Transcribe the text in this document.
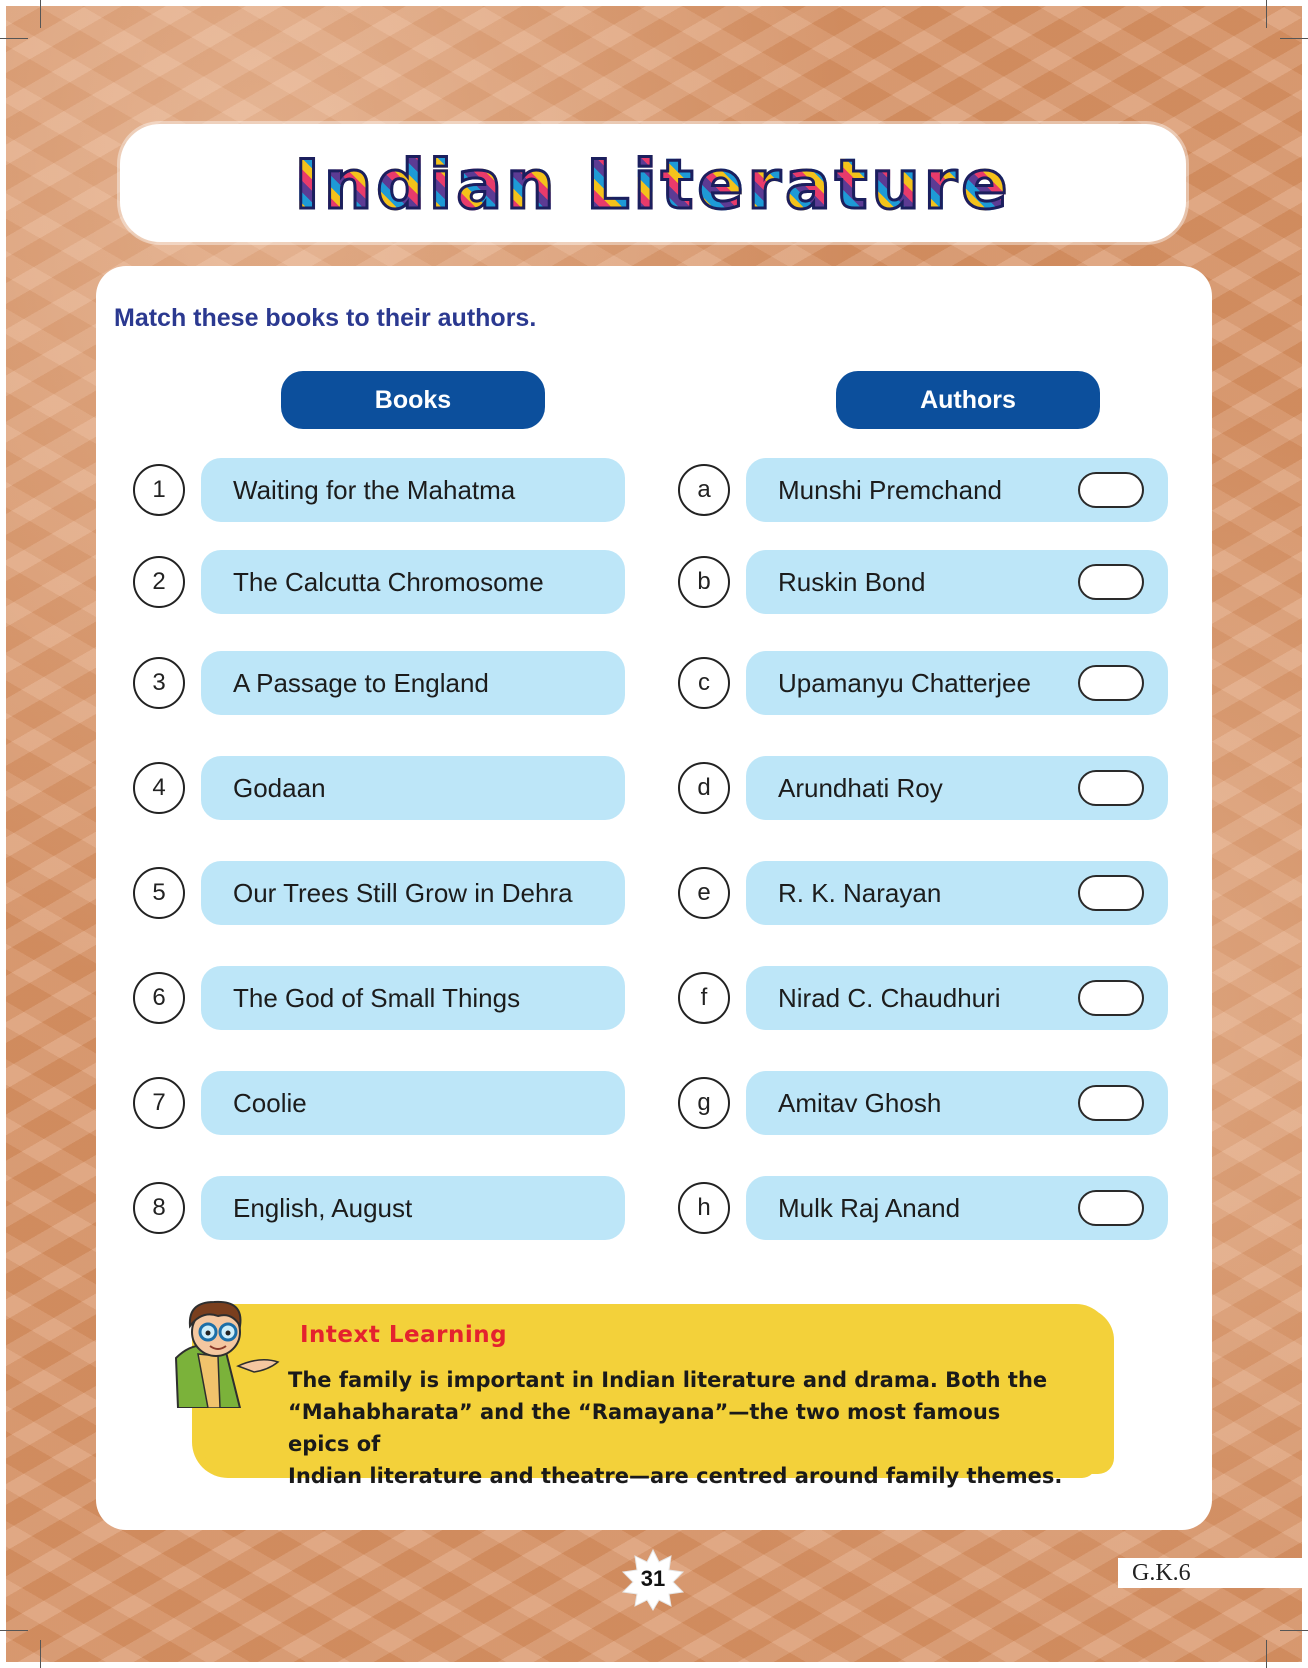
Indian Literature
Match these books to their authors.
Books	Authors
1	Waiting for the Mahatma	a	Munshi Premchand
2	The Calcutta Chromosome	b	Ruskin Bond
3	A Passage to England	c	Upamanyu Chatterjee
4	Godaan	d	Arundhati Roy
5	Our Trees Still Grow in Dehra	e	R. K. Narayan
6	The God of Small Things	f	Nirad C. Chaudhuri
7	Coolie	g	Amitav Ghosh
8	English, August	h	Mulk Raj Anand
Intext Learning
The family is important in Indian literature and drama. Both the
“Mahabharata” and the “Ramayana”—the two most famous epics of
Indian literature and theatre—are centred around family themes.
31	G.K.6
